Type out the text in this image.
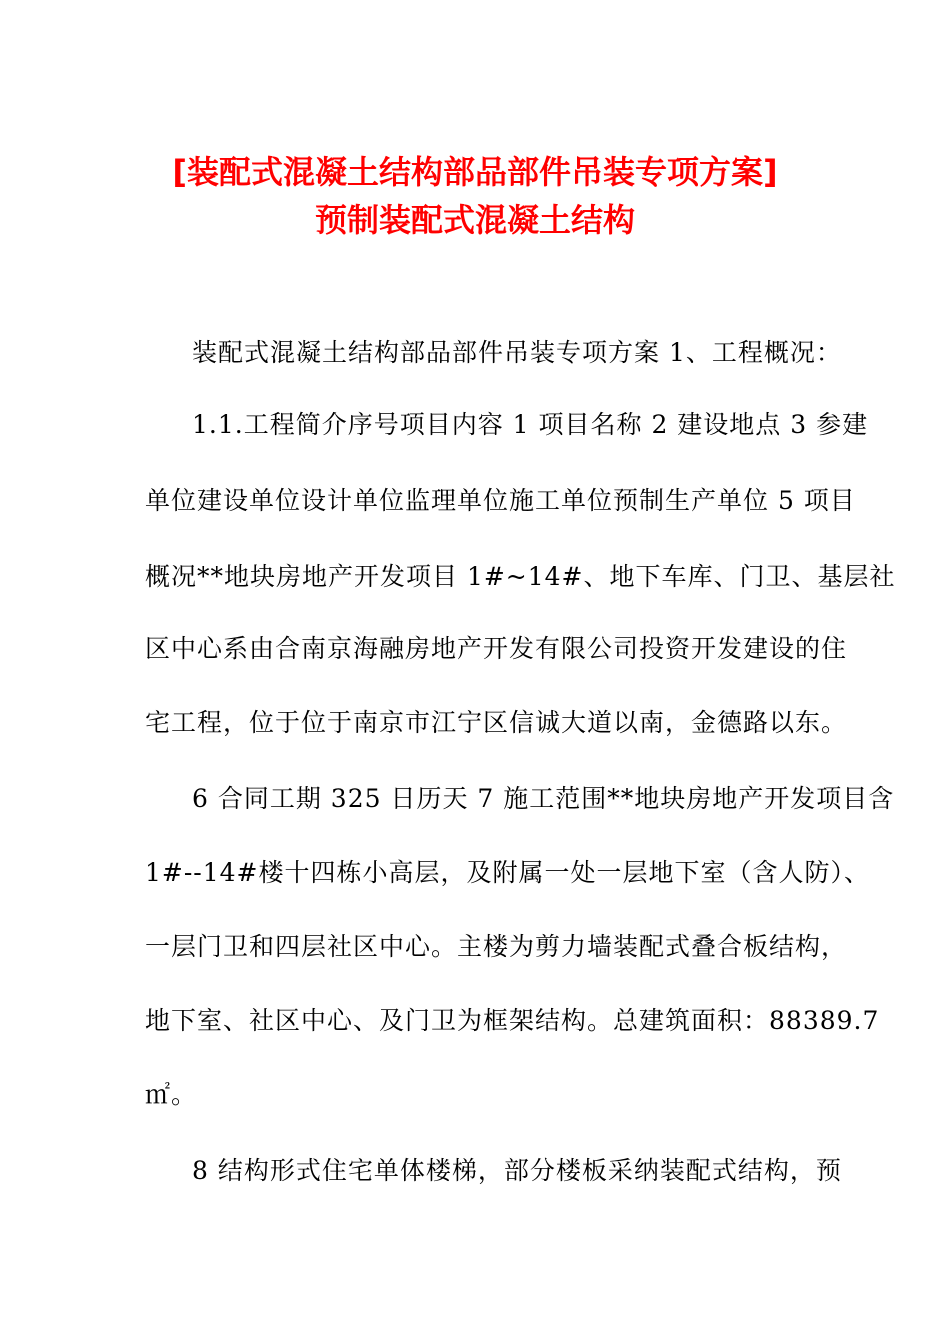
[装配式混凝土结构部品部件吊装专项方案]
预制装配式混凝土结构
装配式混凝土结构部品部件吊装专项方案 1、工程概况：
1.1.工程简介序号项目内容 1 项目名称 2 建设地点 3 参建
单位建设单位设计单位监理单位施工单位预制生产单位 5 项目
概况**地块房地产开发项目 1#~14#、地下车库、门卫、基层社
区中心系由合南京海融房地产开发有限公司投资开发建设的住
宅工程，位于位于南京市江宁区信诚大道以南，金德路以东。
6 合同工期 325 日历天 7 施工范围**地块房地产开发项目含
1#--14#楼十四栋小高层，及附属一处一层地下室（含人防）、
一层门卫和四层社区中心。主楼为剪力墙装配式叠合板结构，
地下室、社区中心、及门卫为框架结构。总建筑面积：88389.7
㎡。
8 结构形式住宅单体楼梯，部分楼板采纳装配式结构，预
